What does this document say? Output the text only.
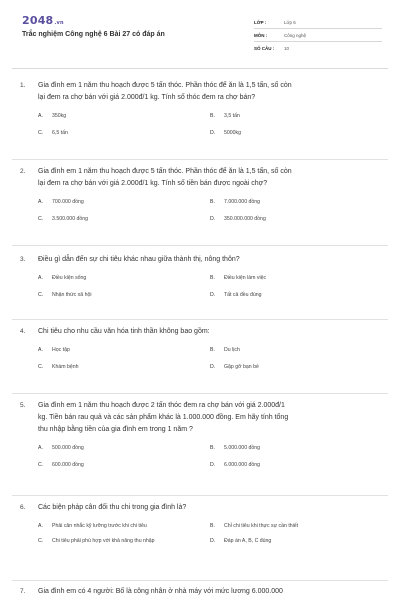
2048.vn
Trắc nghiệm Công nghệ 6 Bài 27 có đáp án
LỚP :	Lớp 6
MÔN :	Công nghệ
SỐ CÂU :	10
1.	Gia đình em 1 năm thu hoạch được 5 tấn thóc. Phần thóc để ăn là 1,5 tấn, số còn
lại đem ra chợ bán với giá 2.000đ/1 kg. Tính số thóc đem ra chợ bán?
A.	350kg	B.	3,5 tấn
C.	6,5 tấn	D.	5000kg
2.	Gia đình em 1 năm thu hoạch được 5 tấn thóc. Phần thóc để ăn là 1,5 tấn, số còn
lại đem ra chợ bán với giá 2.000đ/1 kg. Tính số tiền bán được ngoài chợ?
A.	700.000 đồng	B.	7.000.000 đồng
C.	3.500.000 đồng	D.	350.000.000 đồng
3.	Điều gì dẫn đến sự chi tiêu khác nhau giữa thành thị, nông thôn?
A.	Điều kiện sống	B.	Điều kiện làm việc
C.	Nhận thức xã hội	D.	Tất cả đều đúng
4.	Chi tiêu cho nhu cầu văn hóa tinh thần không bao gồm:
A.	Học tập	B.	Du lịch
C.	Khám bệnh	D.	Gặp gỡ bạn bè
5.	Gia đình em 1 năm thu hoạch được 2 tấn thóc đem ra chợ bán với giá 2.000đ/1
kg. Tiền bán rau quả và các sản phẩm khác là 1.000.000 đồng. Em hãy tính tổng
thu nhập bằng tiền của gia đình em trong 1 năm ?
A.	500.000 đồng	B.	5.000.000 đồng
C.	600.000 đồng	D.	6.000.000 đồng
6.	Các biện pháp cân đối thu chi trong gia đình là?
A.	Phải cân nhắc kỹ lưỡng trước khi chi tiêu	B.	Chỉ chi tiêu khi thực sự cần thiết
C.	Chi tiêu phải phù hợp với khả năng thu nhập	D.	Đáp án A, B, C đúng
7.	Gia đình em có 4 người: Bố là công nhân ở nhà máy với mức lương 6.000.000
